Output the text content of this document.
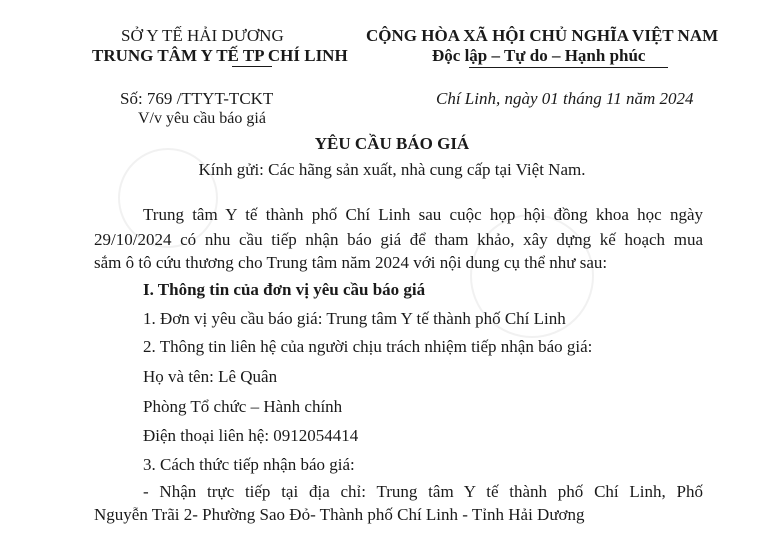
SỞ Y TẾ HẢI DƯƠNG
TRUNG TÂM Y TẾ TP CHÍ LINH
CỘNG HÒA XÃ HỘI CHỦ NGHĨA VIỆT NAM
Độc lập – Tự do – Hạnh phúc
Số: 769 /TTYT-TCKT	Chí Linh, ngày 01 tháng 11 năm 2024
V/v yêu cầu báo giá
YÊU CẦU BÁO GIÁ
Kính gửi: Các hãng sản xuất, nhà cung cấp tại Việt Nam.
Trung tâm Y tế thành phố Chí Linh sau cuộc họp hội đồng khoa học ngày
29/10/2024 có nhu cầu tiếp nhận báo giá để tham khảo, xây dựng kế hoạch mua
sắm ô tô cứu thương cho Trung tâm năm 2024 với nội dung cụ thể như sau:
I. Thông tin của đơn vị yêu cầu báo giá
1. Đơn vị yêu cầu báo giá: Trung tâm Y tế thành phố Chí Linh
2. Thông tin liên hệ của người chịu trách nhiệm tiếp nhận báo giá:
Họ và tên: Lê Quân
Phòng Tổ chức – Hành chính
Điện thoại liên hệ: 0912054414
3. Cách thức tiếp nhận báo giá:
- Nhận trực tiếp tại địa chỉ: Trung tâm Y tế thành phố Chí Linh, Phố
Nguyễn Trãi 2- Phường Sao Đỏ- Thành phố Chí Linh - Tỉnh Hải Dương
